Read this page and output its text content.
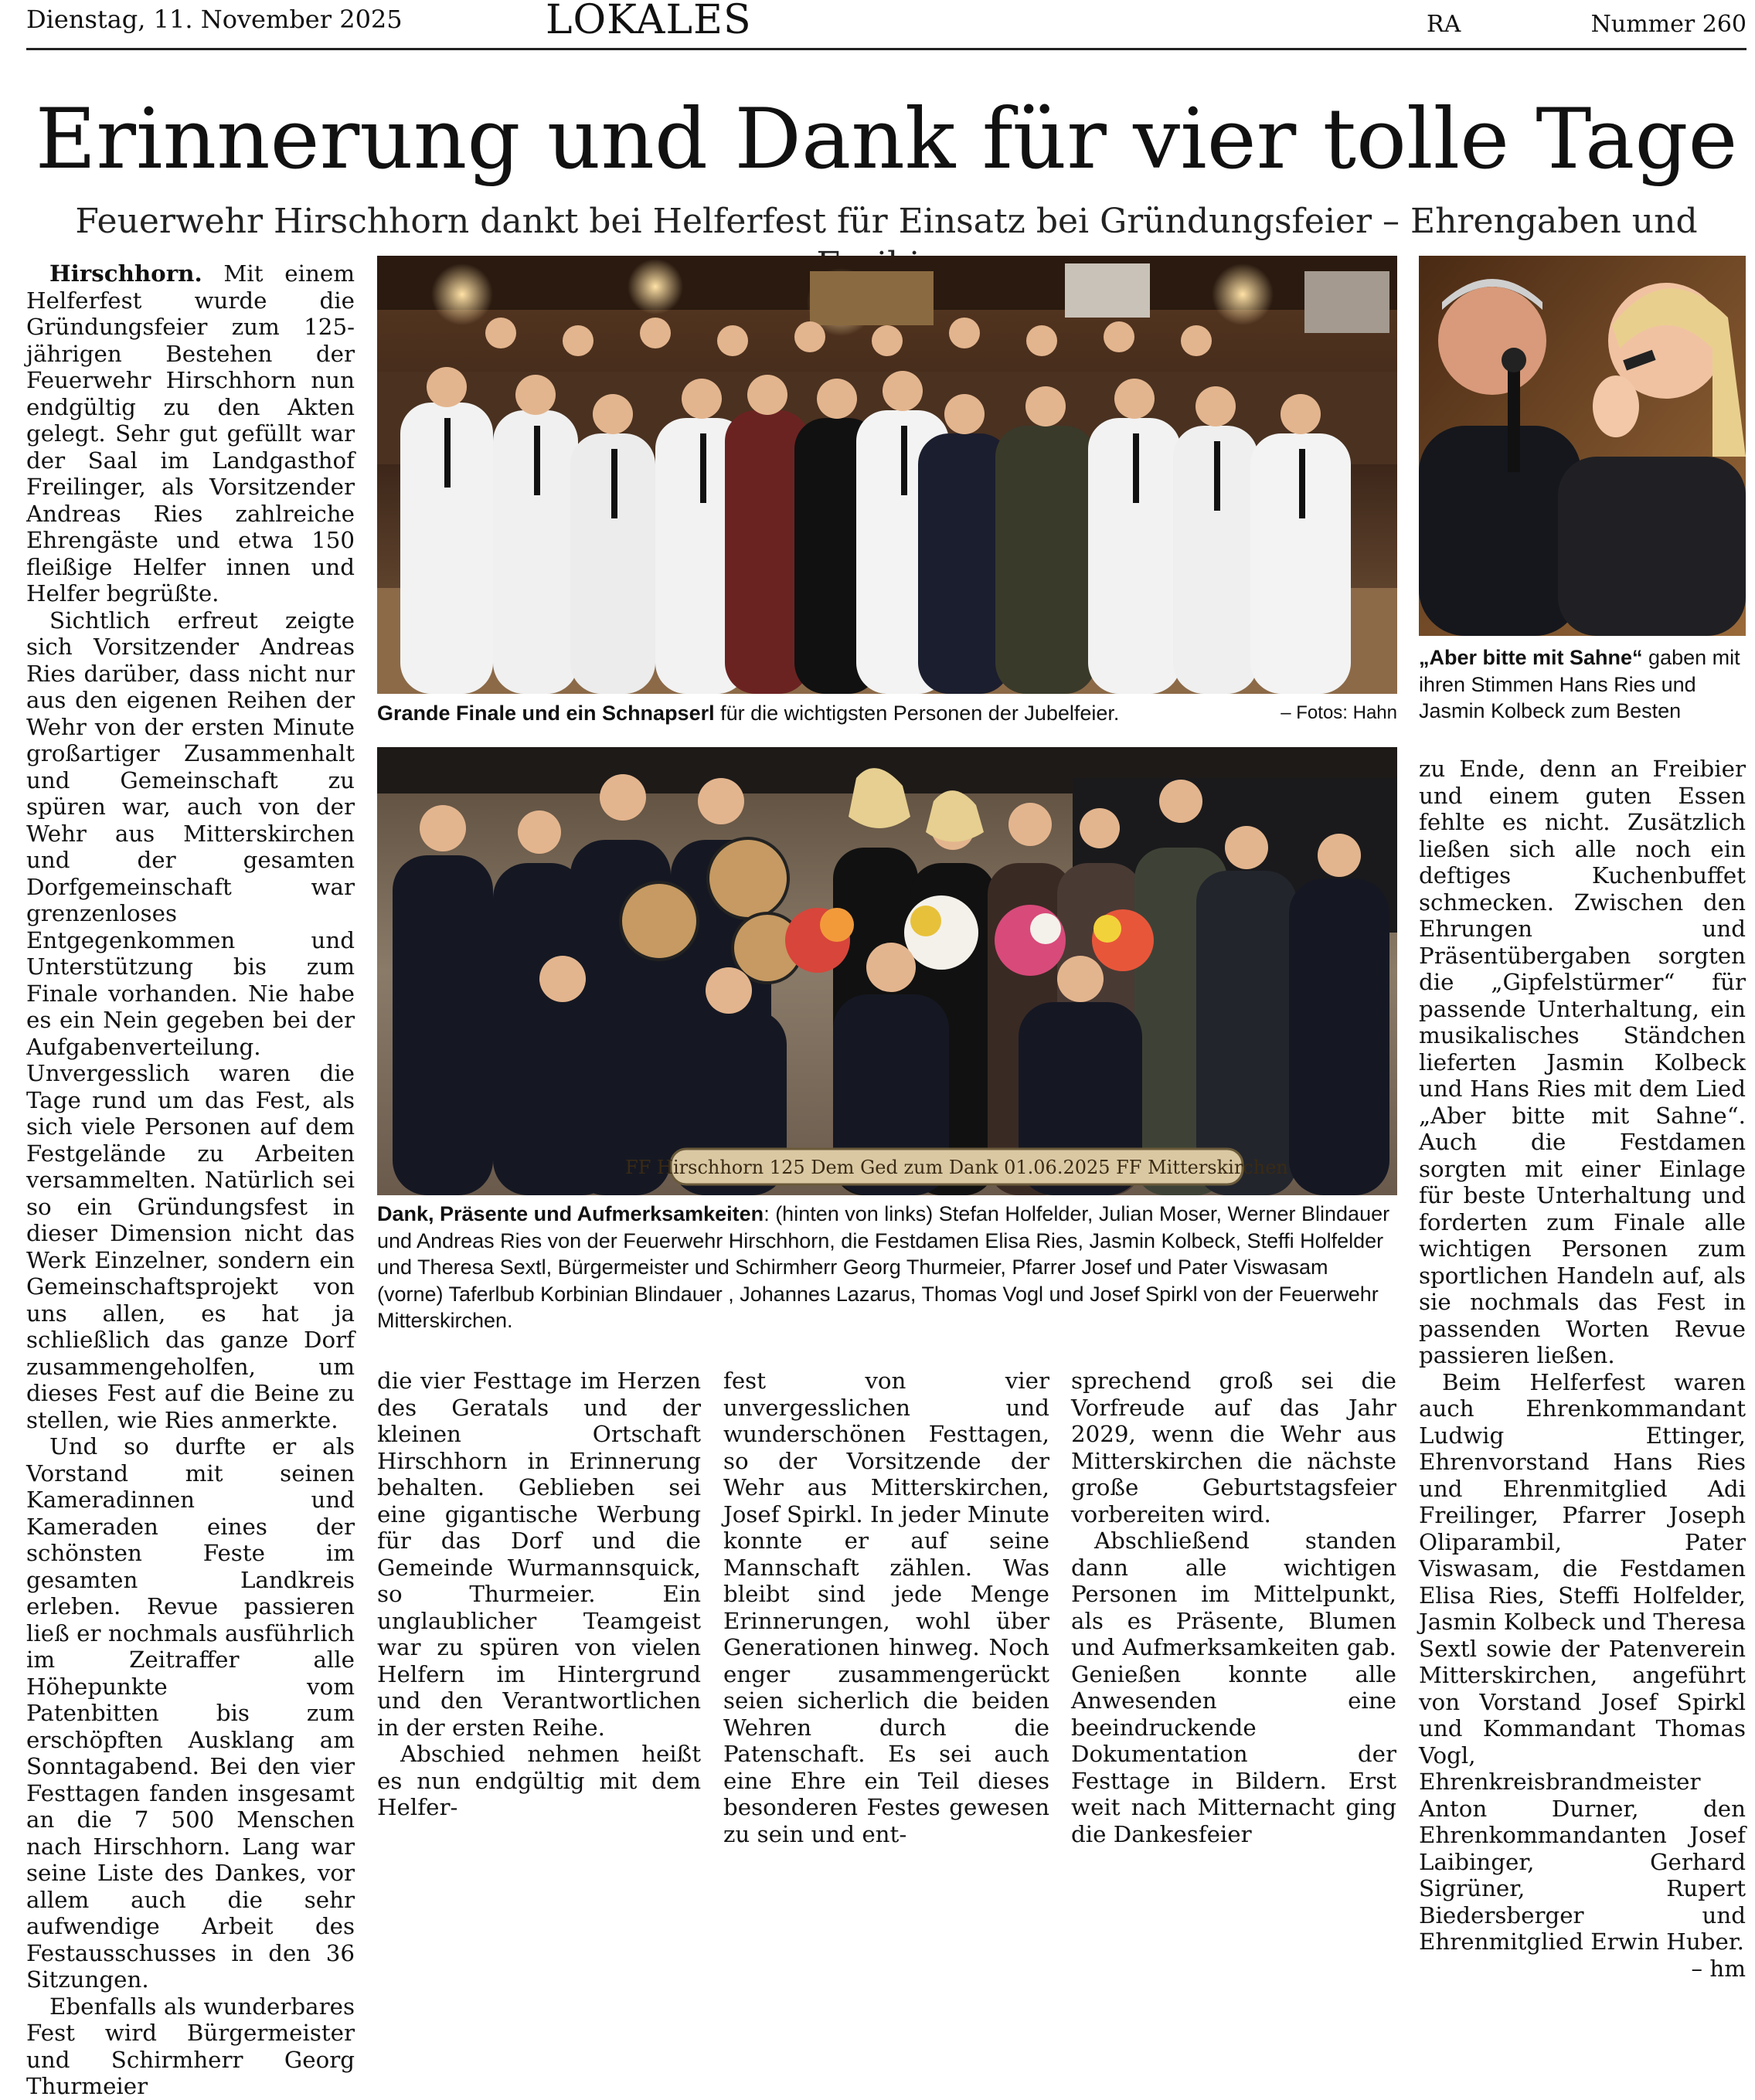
Dienstag, 11. November 2025	LOKALES	RA	Nummer 260
Erinnerung und Dank für vier tolle Tage
Feuerwehr Hirschhorn dankt bei Helferfest für Einsatz bei Gründungsfeier – Ehrengaben und

Hirschhorn. Mit einem Helferfest wurde die Gründungsfeier zum 125-jährigen Bestehen der Feuerwehr Hirschhorn nun endgültig zu den Akten gelegt. Sehr gut gefüllt war der Saal im Landgasthof Freilinger, als Vorsitzender Andreas Ries zahlreiche Ehrengäste und etwa 150 fleißige Helfer innen und Helfer begrüßte.

Sichtlich erfreut zeigte sich Vorsitzender Andreas Ries darüber, dass nicht nur aus den eigenen Reihen der Wehr von der ersten Minute großartiger Zusammenhalt und Gemeinschaft zu spüren war, auch von der Wehr aus Mitterskirchen und der gesamten Dorfgemeinschaft war grenzenloses Entgegenkommen und Unterstützung bis zum Finale vorhanden. Nie habe es ein Nein gegeben bei der Aufgabenverteilung. Unvergesslich waren die Tage rund um das Fest, als sich viele Personen auf dem Festgelände zu Arbeiten versammelten. Natürlich sei so ein Gründungsfest in dieser Dimension nicht das Werk Einzelner, sondern ein Gemeinschaftsprojekt von uns allen, es hat ja schließlich das ganze Dorf zusammengeholfen, um dieses Fest auf die Beine zu stellen, wie Ries anmerkte.

Und so durfte er als Vorstand mit seinen Kameradinnen und Kameraden eines der schönsten Feste im gesamten Landkreis erleben. Revue passieren ließ er nochmals ausführlich im Zeitraffer alle Höhepunkte vom Patenbitten bis zum erschöpften Ausklang am Sonntagabend. Bei den vier Festtagen fanden insgesamt an die 7 500 Menschen nach Hirschhorn. Lang war seine Liste des Dankes, vor allem auch die sehr aufwendige Arbeit des Festausschusses in den 36 Sitzungen.

Ebenfalls als wunderbares Fest wird Bürgermeister und Schirmherr Georg Thurmeier

Grande Finale und ein Schnapserl für die wichtigsten Personen der Jubelfeier.	– Fotos: Hahn
„Aber bitte mit Sahne“ gaben mit ihren Stimmen Hans Ries und Jasmin Kolbeck zum Besten
FF Hirschhorn 125 Dem Ged zum Dank 01.06.2025 FF Mitterskirchen
Dank, Präsente und Aufmerksamkeiten: (hinten von links) Stefan Holfelder, Julian Moser, Werner Blindauer und Andreas Ries von der Feuerwehr Hirschhorn, die Festdamen Elisa Ries, Jasmin Kolbeck, Steffi Holfelder und Theresa Sextl, Bürgermeister und Schirmherr Georg Thurmeier, Pfarrer Josef und Pater Viswasam (vorne) Taferlbub Korbinian Blindauer , Johannes Lazarus, Thomas Vogl und Josef Spirkl von der Feuerwehr Mitterskirchen.

die vier Festtage im Herzen des Geratals und der kleinen Ortschaft Hirschhorn in Erinnerung behalten. Geblieben sei eine gigantische Werbung für das Dorf und die Gemeinde Wurmannsquick, so Thurmeier. Ein unglaublicher Teamgeist war zu spüren von vielen Helfern im Hintergrund und den Verantwortlichen in der ersten Reihe.

Abschied nehmen heißt es nun endgültig mit dem Helfer-

fest von vier unvergesslichen und wunderschönen Festtagen, so der Vorsitzende der Wehr aus Mitterskirchen, Josef Spirkl. In jeder Minute konnte er auf seine Mannschaft zählen. Was bleibt sind jede Menge Erinnerungen, wohl über Generationen hinweg. Noch enger zusammengerückt seien sicherlich die beiden Wehren durch die Patenschaft. Es sei auch eine Ehre ein Teil dieses besonderen Festes gewesen zu sein und ent-

sprechend groß sei die Vorfreude auf das Jahr 2029, wenn die Wehr aus Mitterskirchen die nächste große Geburtstagsfeier vorbereiten wird.

Abschließend standen dann alle wichtigen Personen im Mittelpunkt, als es Präsente, Blumen und Aufmerksamkeiten gab. Genießen konnte alle Anwesenden eine beeindruckende Dokumentation der Festtage in Bildern. Erst weit nach Mitternacht ging die Dankesfeier

zu Ende, denn an Freibier und einem guten Essen fehlte es nicht. Zusätzlich ließen sich alle noch ein deftiges Kuchenbuffet schmecken. Zwischen den Ehrungen und Präsentübergaben sorgten die „Gipfelstürmer“ für passende Unterhaltung, ein musikalisches Ständchen lieferten Jasmin Kolbeck und Hans Ries mit dem Lied „Aber bitte mit Sahne“. Auch die Festdamen sorgten mit einer Einlage für beste Unterhaltung und forderten zum Finale alle wichtigen Personen zum sportlichen Handeln auf, als sie nochmals das Fest in passenden Worten Revue passieren ließen.

Beim Helferfest waren auch Ehrenkommandant Ludwig Ettinger, Ehrenvorstand Hans Ries und Ehrenmitglied Adi Freilinger, Pfarrer Joseph Oliparambil, Pater Viswasam, die Festdamen Elisa Ries, Steffi Holfelder, Jasmin Kolbeck und Theresa Sextl sowie der Patenverein Mitterskirchen, angeführt von Vorstand Josef Spirkl und Kommandant Thomas Vogl, Ehrenkreisbrandmeister Anton Durner, den Ehrenkommandanten Josef Laibinger, Gerhard Sigrüner, Rupert Biedersberger und Ehrenmitglied Erwin Huber.
– hm
